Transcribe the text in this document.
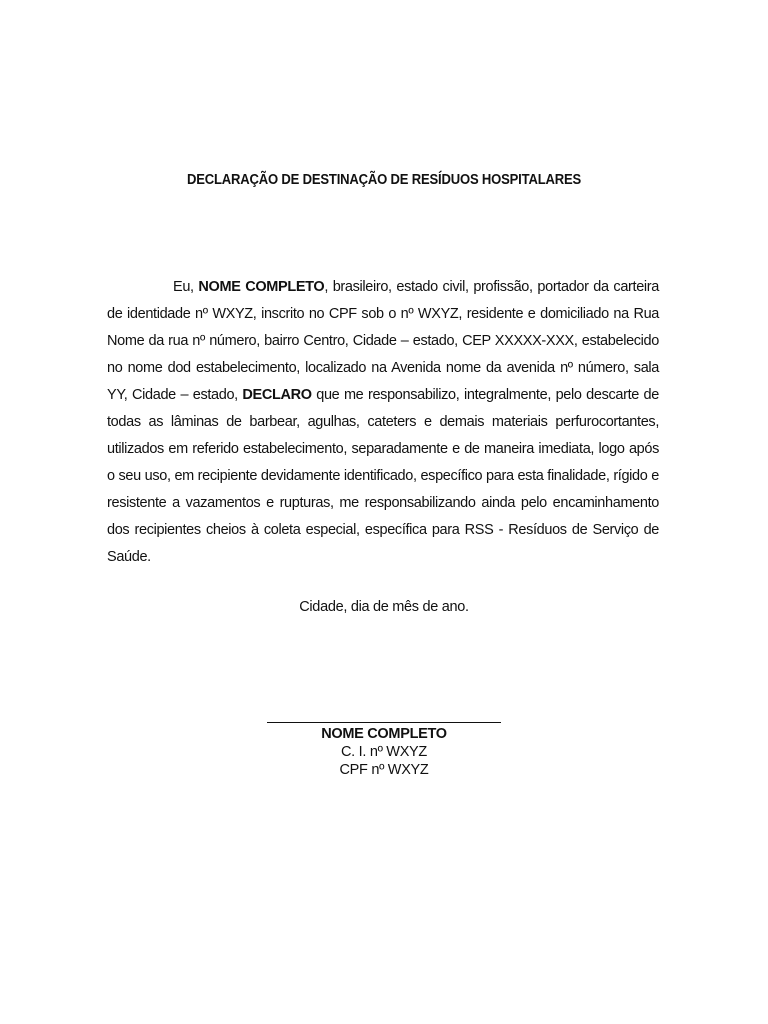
DECLARAÇÃO DE DESTINAÇÃO DE RESÍDUOS HOSPITALARES

Eu, NOME COMPLETO, brasileiro, estado civil, profissão, portador da carteira de identidade nº WXYZ, inscrito no CPF sob o nº WXYZ, residente e domiciliado na Rua Nome da rua nº número, bairro Centro, Cidade – estado, CEP XXXXX-XXX, estabelecido no nome dod estabelecimento, localizado na Avenida nome da avenida nº número, sala YY, Cidade – estado, DECLARO que me responsabilizo, integralmente, pelo descarte de todas as lâminas de barbear, agulhas, cateters e demais materiais perfurocortantes, utilizados em referido estabelecimento, separadamente e de maneira imediata, logo após o seu uso, em recipiente devidamente identificado, específico para esta finalidade, rígido e resistente a vazamentos e rupturas, me responsabilizando ainda pelo encaminhamento dos recipientes cheios à coleta especial, específica para RSS - Resíduos de Serviço de Saúde.

Cidade, dia de mês de ano.
NOME COMPLETO
C. I. nº WXYZ
CPF nº WXYZ
